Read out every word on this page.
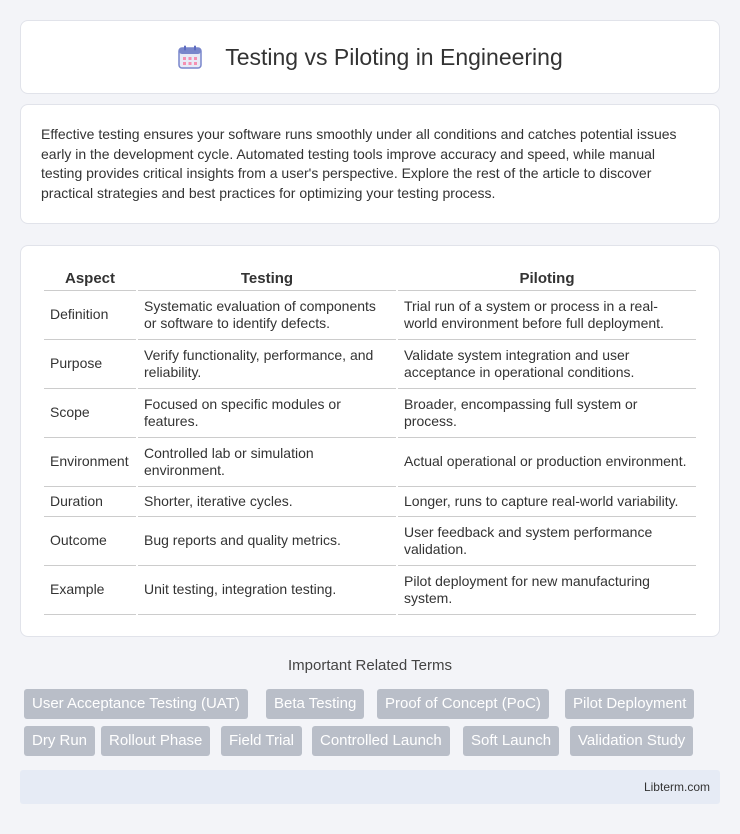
Testing vs Piloting in Engineering

Effective testing ensures your software runs smoothly under all conditions and catches potential issues early in the development cycle. Automated testing tools improve accuracy and speed, while manual testing provides critical insights from a user's perspective. Explore the rest of the article to discover practical strategies and best practices for optimizing your testing process.

Aspect	Testing	Piloting
Definition	Systematic evaluation of components or software to identify defects.	Trial run of a system or process in a real-world environment before full deployment.
Purpose	Verify functionality, performance, and reliability.	Validate system integration and user acceptance in operational conditions.
Scope	Focused on specific modules or features.	Broader, encompassing full system or process.
Environment	Controlled lab or simulation environment.	Actual operational or production environment.
Duration	Shorter, iterative cycles.	Longer, runs to capture real-world variability.
Outcome	Bug reports and quality metrics.	User feedback and system performance validation.
Example	Unit testing, integration testing.	Pilot deployment for new manufacturing system.
Important Related Terms
User Acceptance Testing (UAT)	Beta Testing	Proof of Concept (PoC)	Pilot Deployment
Dry Run	Rollout Phase	Field Trial	Controlled Launch	Soft Launch	Validation Study
Libterm.com
